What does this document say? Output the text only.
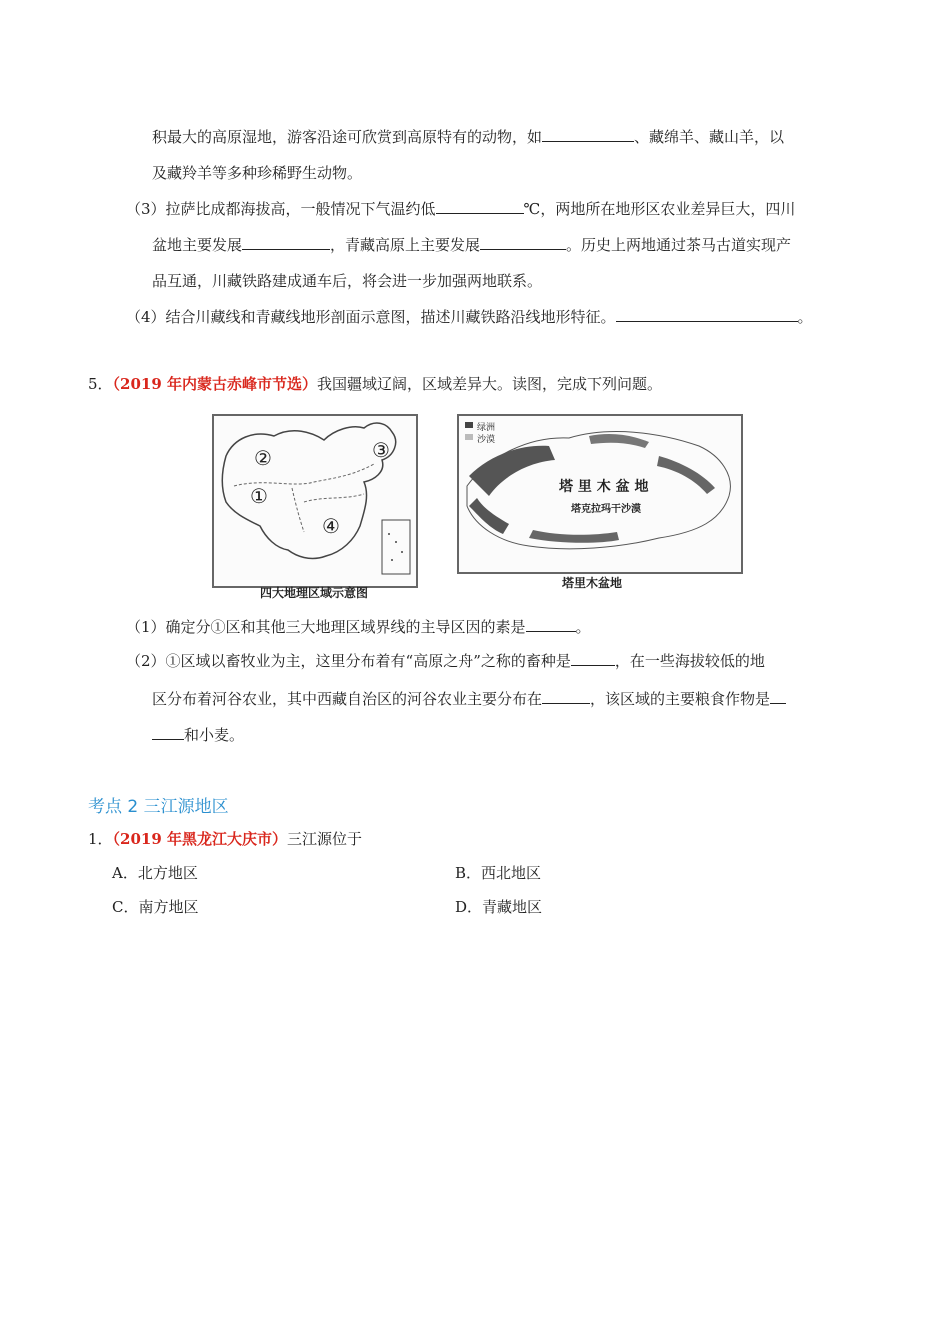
积最大的高原湿地，游客沿途可欣赏到高原特有的动物，如	、藏绵羊、藏山羊，以
及藏羚羊等多种珍稀野生动物。
（3）拉萨比成都海拔高，一般情况下气温约低	℃，两地所在地形区农业差异巨大，四川
盆地主要发展	，青藏高原上主要发展	。历史上两地通过茶马古道实现产
品互通，川藏铁路建成通车后，将会进一步加强两地联系。
（4）结合川藏线和青藏线地形剖面示意图，描述川藏铁路沿线地形特征。	。
5．（2019 年内蒙古赤峰市节选）我国疆域辽阔，区域差异大。读图，完成下列问题。
②
①
③
④
四大地理区域示意图
绿洲
沙漠
塔 里 木 盆 地
塔克拉玛干沙漠
塔里木盆地
（1）确定分①区和其他三大地理区域界线的主导区因的素是	。
（2）①区域以畜牧业为主，这里分布着有“高原之舟”之称的畜种是	，在一些海拔较低的地
区分布着河谷农业，其中西藏自治区的河谷农业主要分布在	，该区域的主要粮食作物是
和小麦。
考点 2 三江源地区
1．（2019 年黑龙江大庆市）三江源位于
A．北方地区	B．西北地区
C．南方地区	D．青藏地区
